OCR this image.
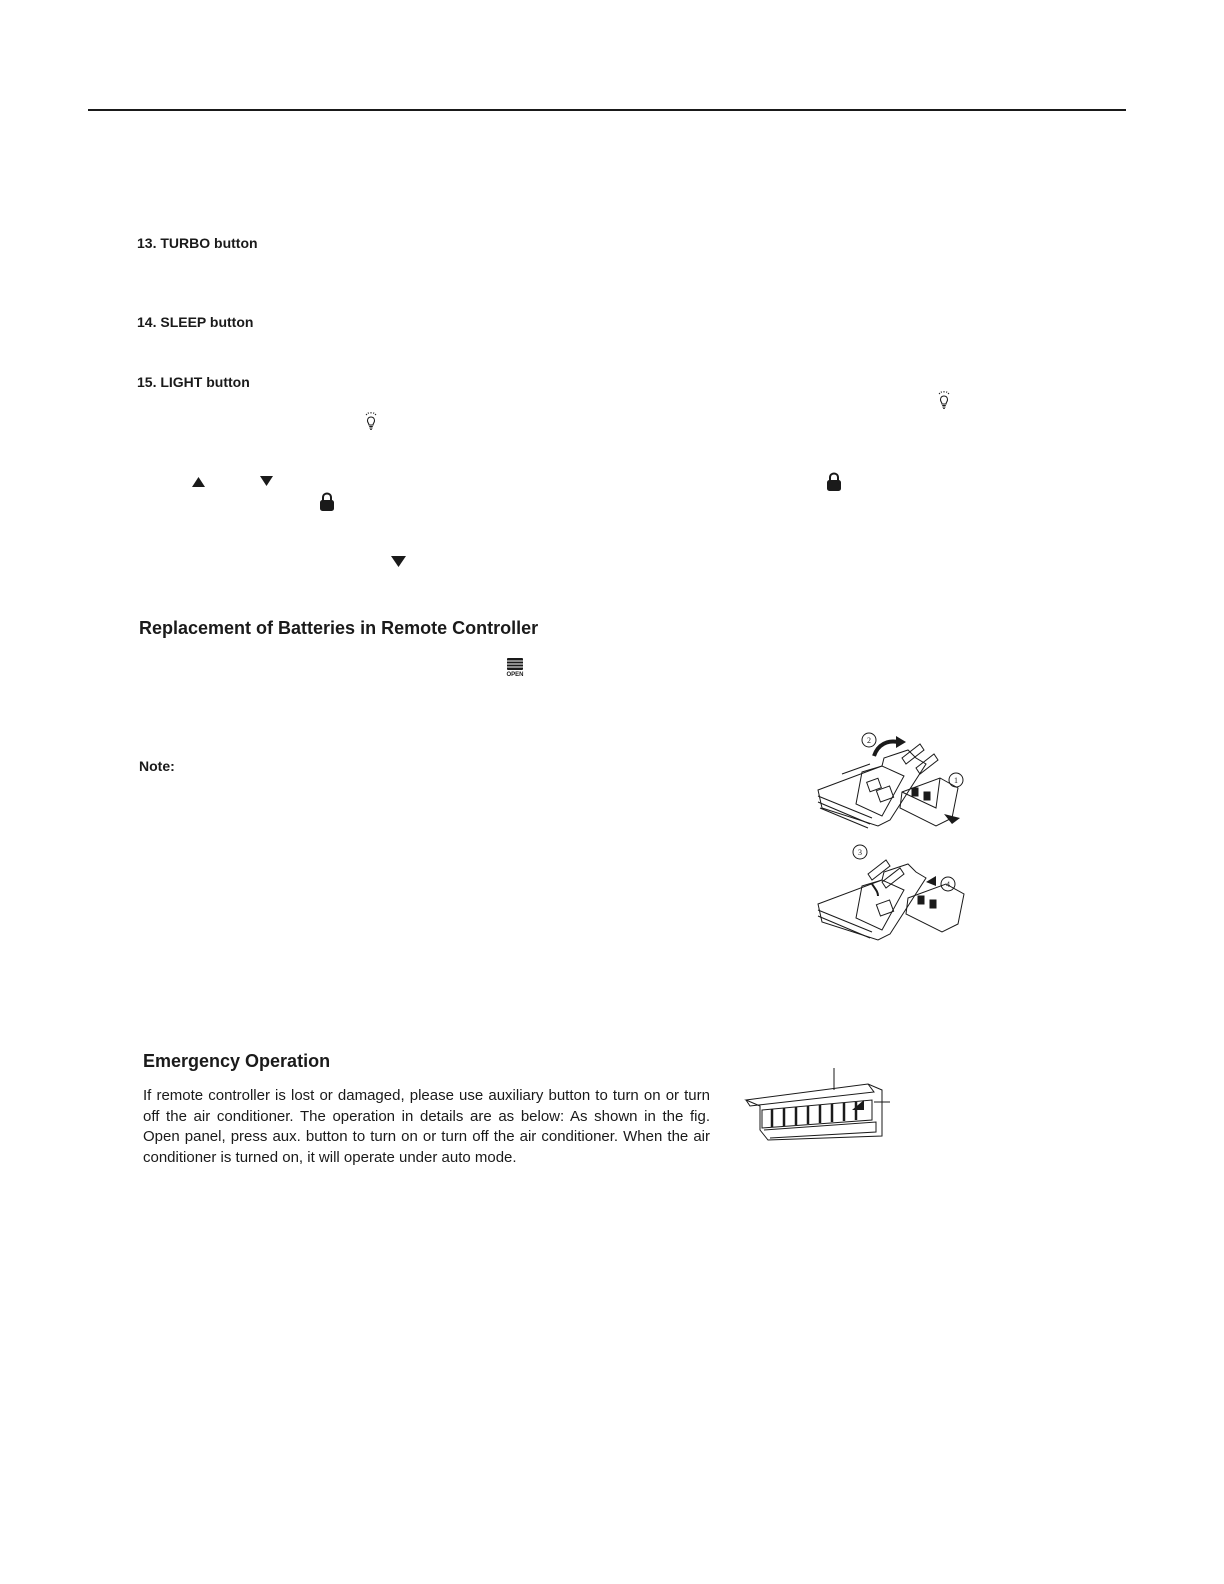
13. TURBO button
14. SLEEP button
15. LIGHT button
Replacement of Batteries in Remote Controller
OPEN
Note:
2
1
3
4
Emergency Operation
If remote controller is lost or damaged, please use auxiliary button to turn on or turn off the air conditioner. The operation in details are as below: As shown in the fig. Open panel, press aux. button to turn on or turn off the air conditioner. When the air conditioner is turned on, it will operate under auto mode.
